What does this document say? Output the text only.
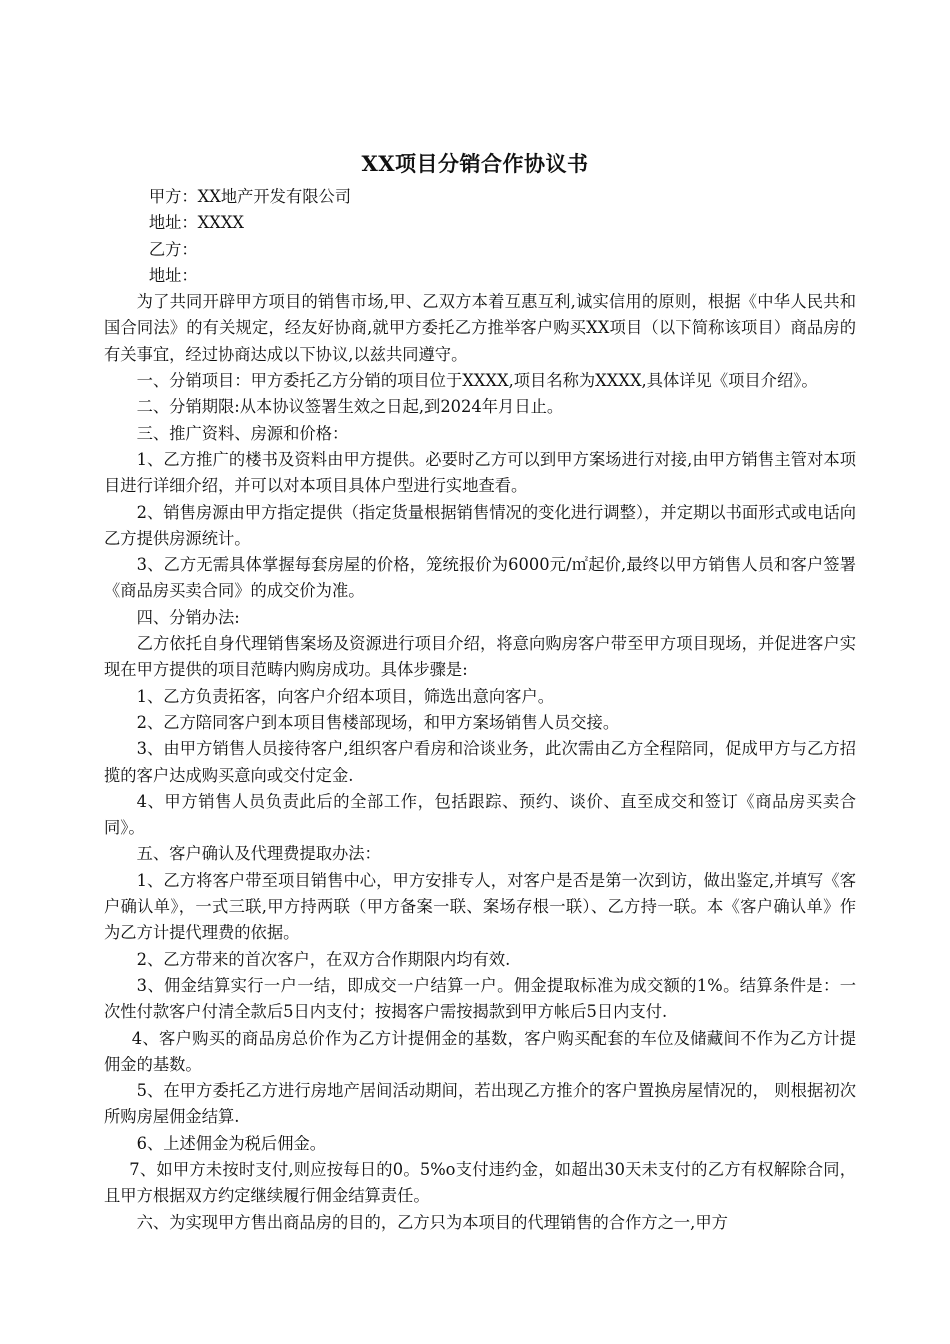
XX项目分销合作协议书

甲方：XX地产开发有限公司

地址：XXXX

乙方：

地址：

为了共同开辟甲方项目的销售市场,甲、乙双方本着互惠互利,诚实信用的原则，根据《中华人民共和国合同法》的有关规定，经友好协商,就甲方委托乙方推举客户购买XX项目（以下简称该项目）商品房的有关事宜，经过协商达成以下协议,以兹共同遵守。

一、分销项目：甲方委托乙方分销的项目位于XXXX,项目名称为XXXX,具体详见《项目介绍》。

二、分销期限:从本协议签署生效之日起,到2024年月日止。

三、推广资料、房源和价格：

1、乙方推广的楼书及资料由甲方提供。必要时乙方可以到甲方案场进行对接,由甲方销售主管对本项目进行详细介绍，并可以对本项目具体户型进行实地查看。

2、销售房源由甲方指定提供（指定货量根据销售情况的变化进行调整），并定期以书面形式或电话向乙方提供房源统计。

3、乙方无需具体掌握每套房屋的价格，笼统报价为6000元/㎡起价,最终以甲方销售人员和客户签署《商品房买卖合同》的成交价为准。

四、分销办法:

乙方依托自身代理销售案场及资源进行项目介绍，将意向购房客户带至甲方项目现场，并促进客户实现在甲方提供的项目范畴内购房成功。具体步骤是:

1、乙方负责拓客，向客户介绍本项目，筛选出意向客户。

2、乙方陪同客户到本项目售楼部现场，和甲方案场销售人员交接。

3、由甲方销售人员接待客户,组织客户看房和洽谈业务，此次需由乙方全程陪同，促成甲方与乙方招揽的客户达成购买意向或交付定金.

4、甲方销售人员负责此后的全部工作，包括跟踪、预约、谈价、直至成交和签订《商品房买卖合同》。

五、客户确认及代理费提取办法：

1、乙方将客户带至项目销售中心，甲方安排专人，对客户是否是第一次到访，做出鉴定,并填写《客户确认单》，一式三联,甲方持两联（甲方备案一联、案场存根一联）、乙方持一联。本《客户确认单》作为乙方计提代理费的依据。

2、乙方带来的首次客户，在双方合作期限内均有效.

3、佣金结算实行一户一结，即成交一户结算一户。佣金提取标准为成交额的1%。结算条件是：一次性付款客户付清全款后5日内支付；按揭客户需按揭款到甲方帐后5日内支付.

4、客户购买的商品房总价作为乙方计提佣金的基数，客户购买配套的车位及储藏间不作为乙方计提佣金的基数。

5、在甲方委托乙方进行房地产居间活动期间，若出现乙方推介的客户置换房屋情况的， 则根据初次所购房屋佣金结算.

6、上述佣金为税后佣金。

7、如甲方未按时支付,则应按每日的0。5%o支付违约金，如超出30天未支付的乙方有权解除合同，且甲方根据双方约定继续履行佣金结算责任。

六、为实现甲方售出商品房的目的，乙方只为本项目的代理销售的合作方之一,甲方
